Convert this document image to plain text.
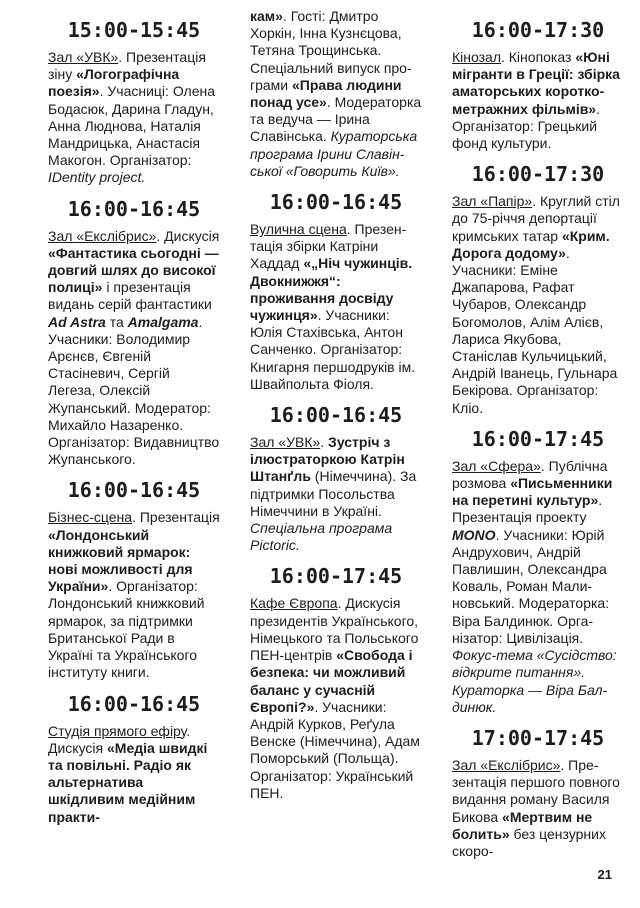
15:00-15:45

Зал «УВК». Презентація зіну «Логографічна поезія». Учасниці: Олена Бодасюк, Дарина Гладун, Анна Люднова, Наталія Мандрицька, Анастасія Макогон. Організатор: IDentity project.

16:00-16:45

Зал «Екслібрис». Дискусія «Фантастика сьогодні — довгий шлях до високої полиці» і презентація видань серій фантастики Ad Astra та Amalgama. Учасники: Володимир Арєнєв, Євгеній Стасіневич, Сергій Легеза, Олексій Жупанський. Модератор: Михайло Назаренко. Організатор: Видавництво Жупанського.

16:00-16:45

Бізнес-сцена. Презентація «Лондонський книжковий ярмарок: нові можливості для України». Організатор: Лондонський книжковий ярмарок, за підтримки Британської Ради в Україні та Українського інституту книги.

16:00-16:45

Студія прямого ефіру. Дискусія «Медіа швидкі та повільні. Радіо як альтернатива шкідливим медійним практи-

кам». Гості: Дмитро Хоркін, Інна Кузнєцова, Тетяна Трощинська. Спеціальний випуск програми «Права людини понад усе». Модераторка та ведуча — Ірина Славінська. Кураторська програма Ірини Славінської «Говорить Київ».

16:00-16:45

Вулична сцена. Презентація збірки Катріни Хаддад «„Ніч чужинців. Двокнижжя“: проживання досвіду чужинця». Учасники: Юлія Стахівська, Антон Санченко. Організатор: Книгарня першодруків ім. Швайпольта Фіоля.

16:00-16:45

Зал «УВК». Зустріч з ілюстраторкою Катрін Штанґль (Німеччина). За підтримки Посольства Німеччини в Україні. Спеціальна програма Pictoric.

16:00-17:45

Кафе Європа. Дискусія президентів Українського, Німецького та Польського ПЕН-центрів «Свобода і безпека: чи можливий баланс у сучасній Європі?». Учасники: Андрій Курков, Реґула Венске (Німеччина), Адам Поморський (Польща). Організатор: Український ПЕН.

16:00-17:30

Кінозал. Кінопоказ «Юні мігранти в Греції: збірка аматорських короткометражних фільмів». Організатор: Грецький фонд культури.

16:00-17:30

Зал «Папір». Круглий стіл до 75-річчя депортації кримських татар «Крим. Дорога додому». Учасники: Еміне Джапарова, Рафат Чубаров, Олександр Богомолов, Алім Алієв, Лариса Якубова, Станіслав Кульчицький, Андрій Іванець, Гульнара Бекірова. Організатор: Кліо.

16:00-17:45

Зал «Сфера». Публічна розмова «Письменники на перетині культур». Презентація проекту MONO. Учасники: Юрій Андрухович, Андрій Павлишин, Олександра Коваль, Роман Малиновський. Модераторка: Віра Балдинюк. Організатор: Цивілізація. Фокус-тема «Сусідство: відкрите питання». Кураторка — Віра Балдинюк.

17:00-17:45

Зал «Екслібрис». Презентація першого повного видання роману Василя Бикова «Мертвим не болить» без цензурних скоро-

21
